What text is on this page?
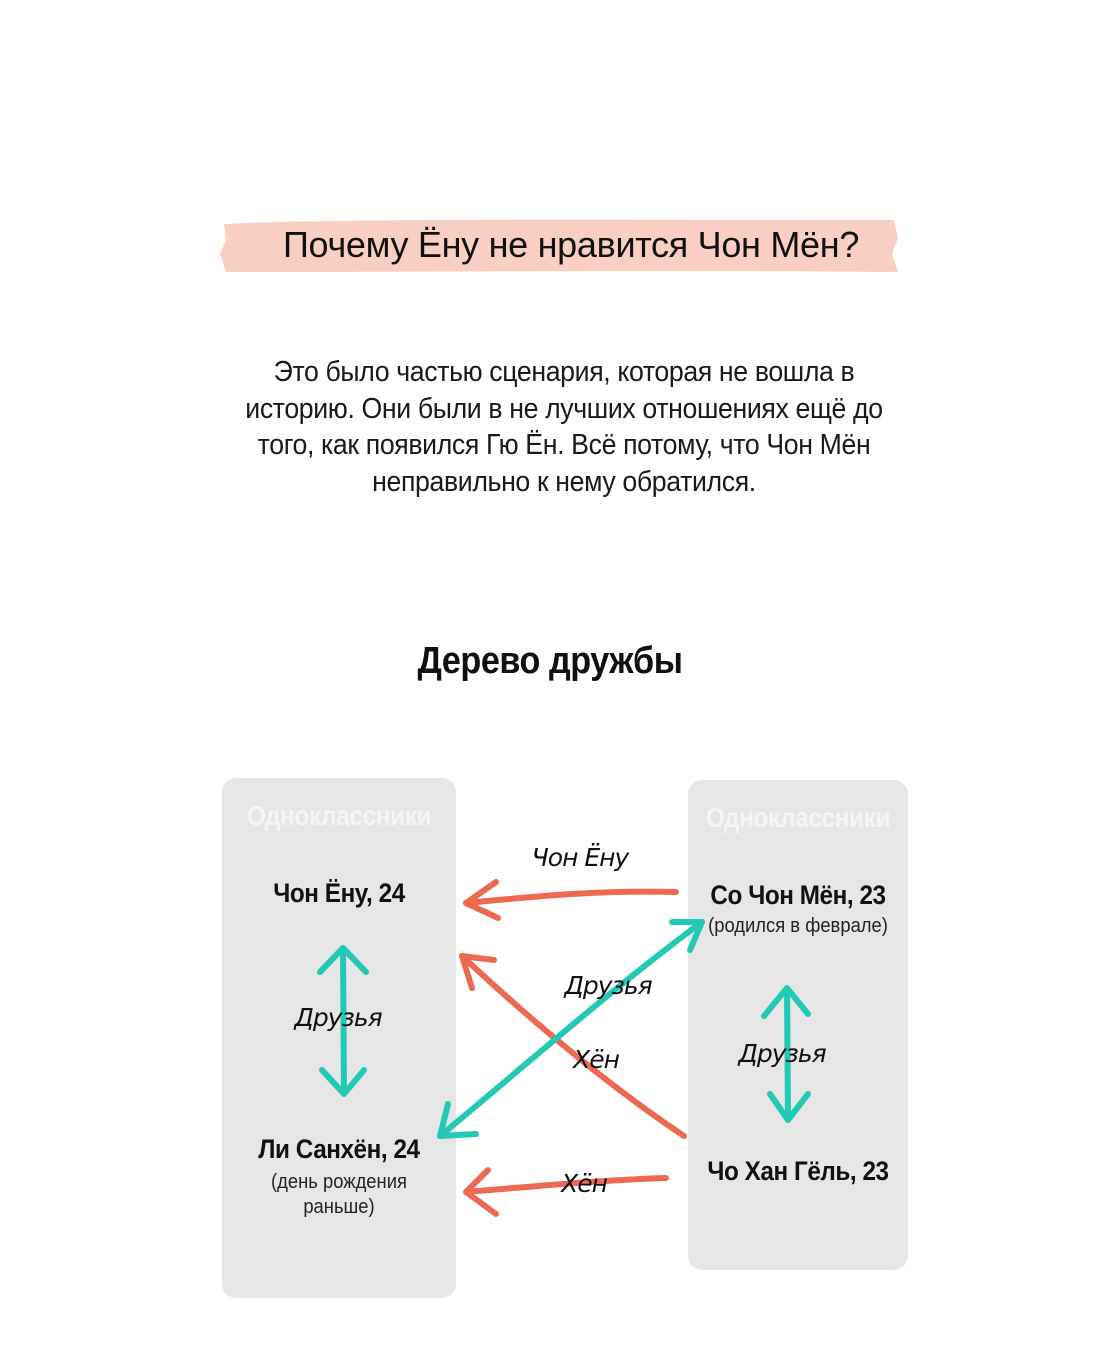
Почему Ёну не нравится Чон Мён?
Это было частью сценария, которая не вошла в
историю. Они были в не лучших отношениях ещё до
того, как появился Гю Ён. Всё потому, что Чон Мён
неправильно к нему обратился.
Дерево дружбы
Одноклассники	Одноклассники
Чон Ёну, 24
Ли Санхён, 24
(день рождения
раньше)
Со Чон Мён, 23
(родился в феврале)
Чо Хан Гёль, 23
Чон Ёну
Друзья
Хён
Хён
Друзья
Друзья
